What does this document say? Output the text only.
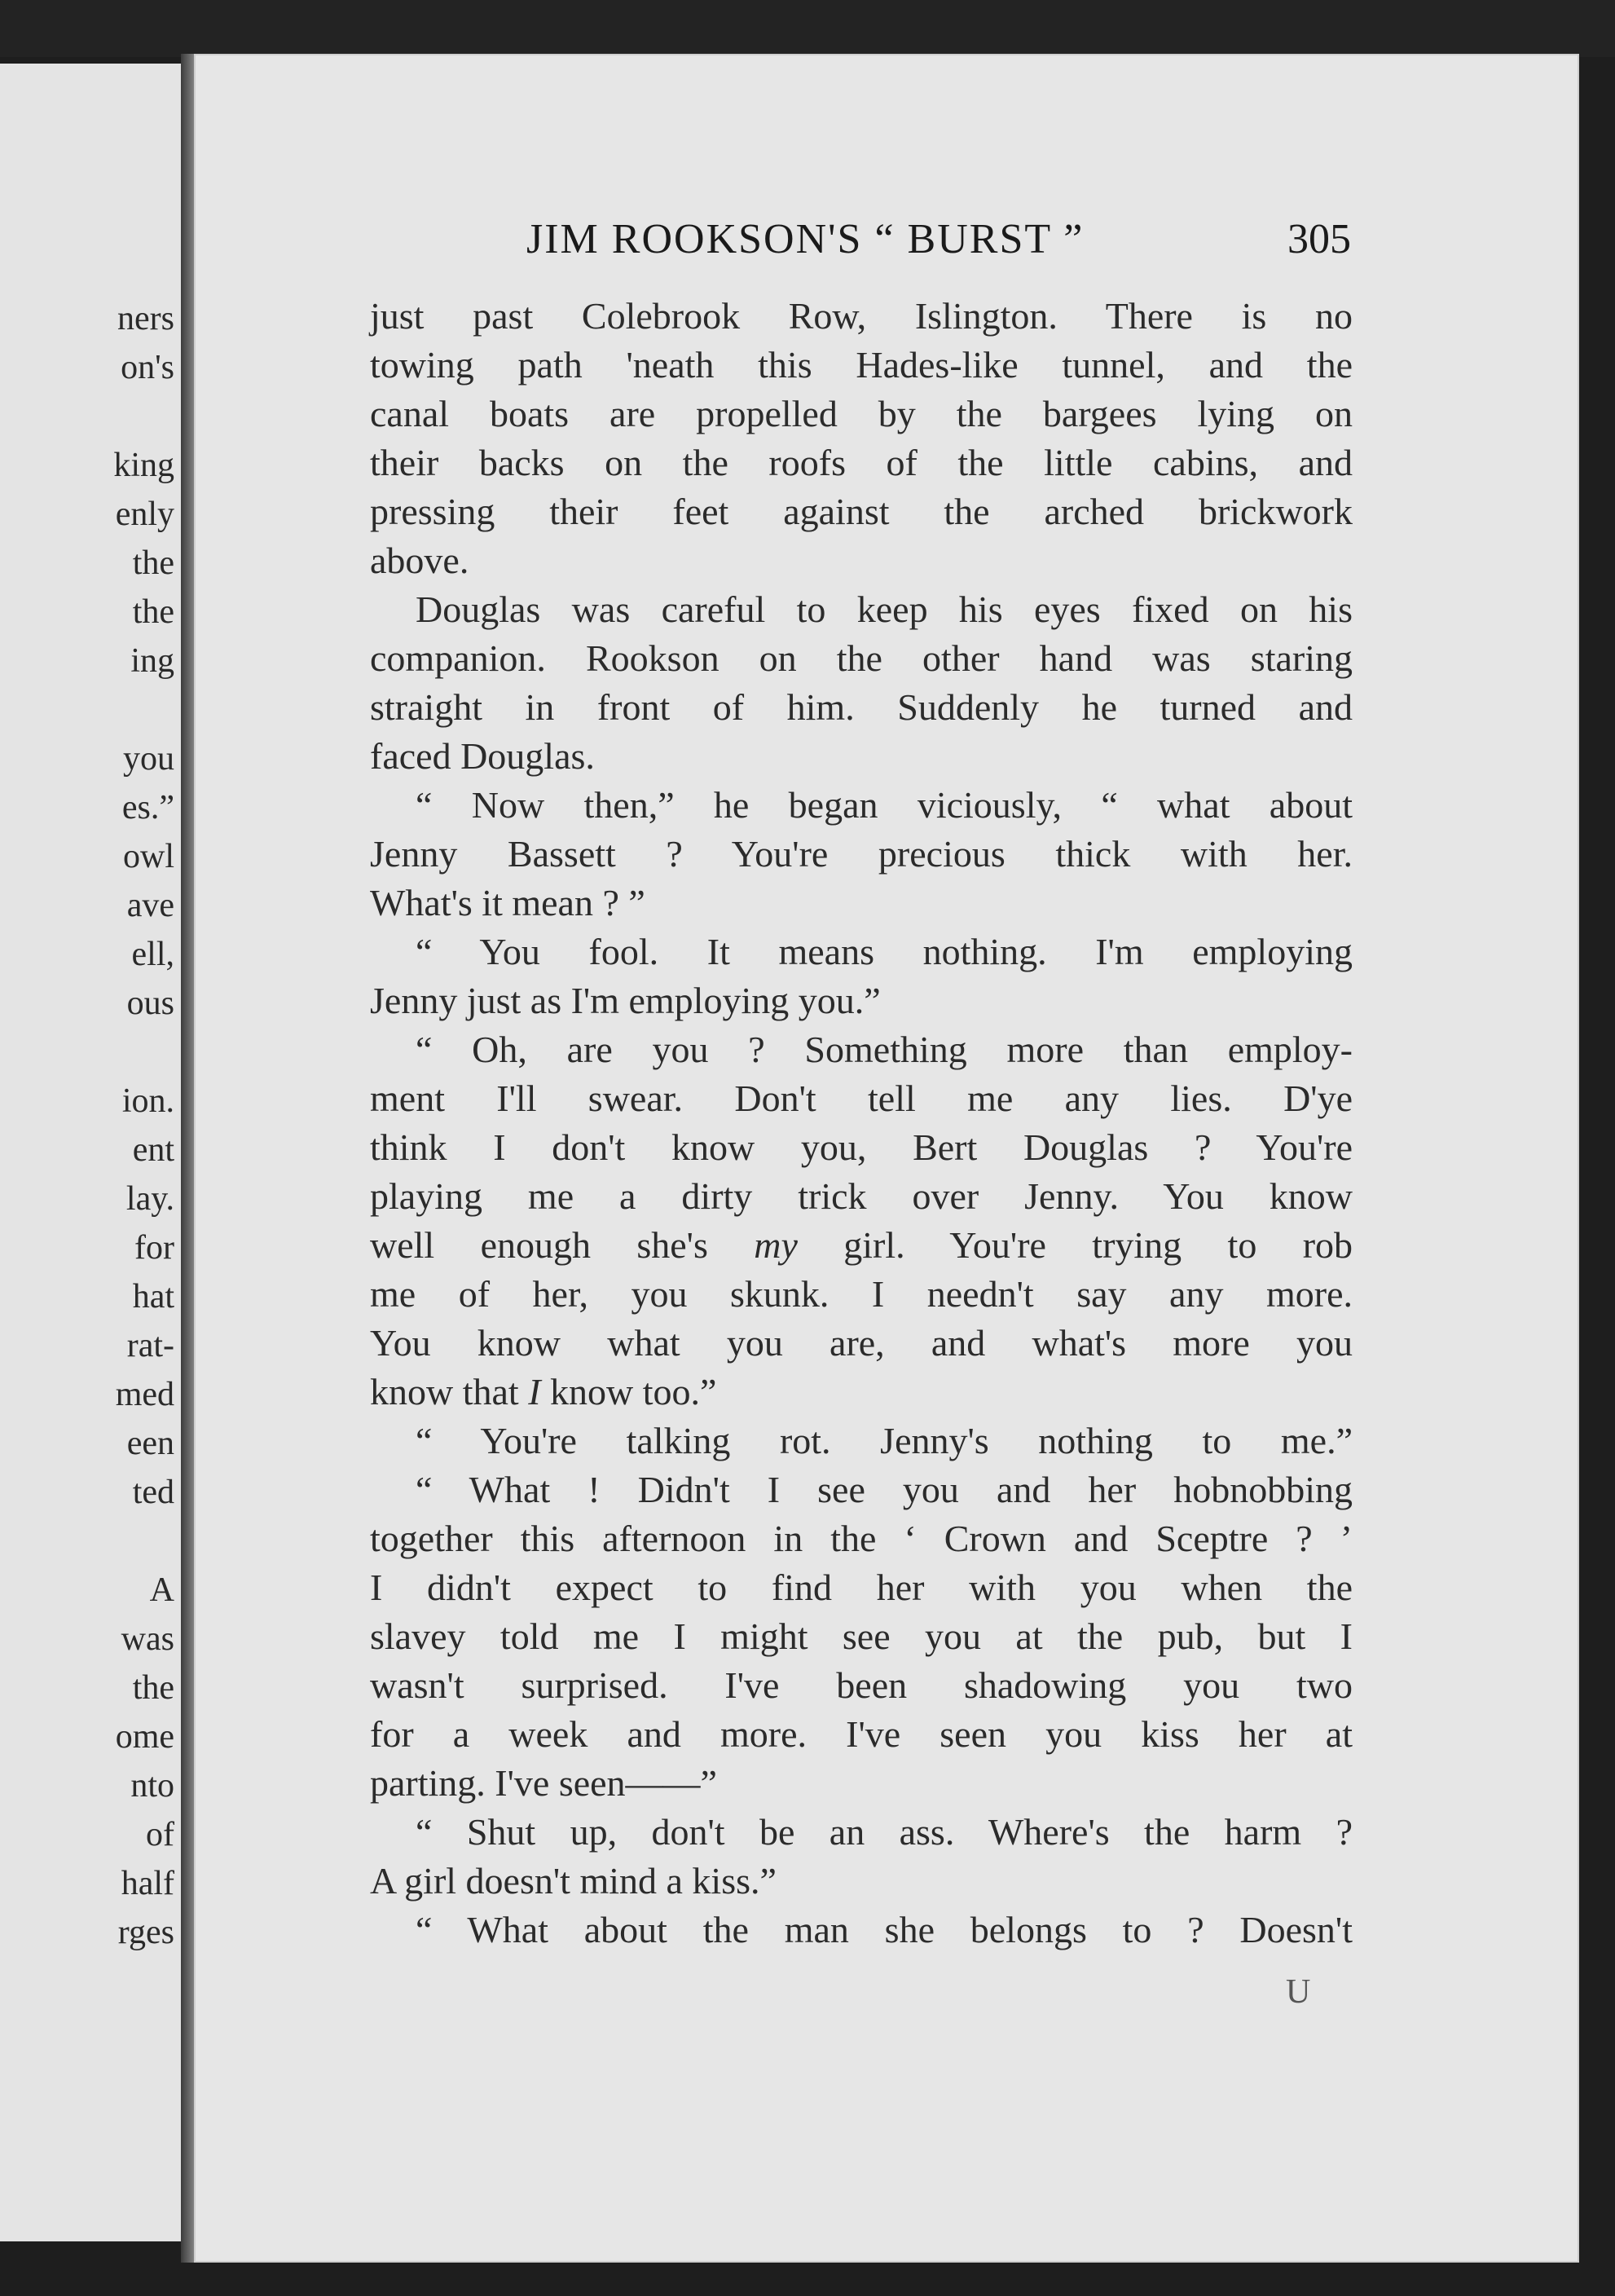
ners
on's
king
enly
the
the
ing
you
es.”
owl
ave
ell,
ous
ion.
ent
lay.
for
hat
rat-
med
een
ted
A
was
the
ome
nto
of
half
rges
JIM ROOKSON'S “ BURST ”	305
just past Colebrook Row, Islington. There is no
towing path 'neath this Hades-like tunnel, and the
canal boats are propelled by the bargees lying on
their backs on the roofs of the little cabins, and
pressing their feet against the arched brickwork
above.
Douglas was careful to keep his eyes fixed on his
companion. Rookson on the other hand was staring
straight in front of him. Suddenly he turned and
faced Douglas.
“ Now then,” he began viciously, “ what about
Jenny Bassett ? You're precious thick with her.
What's it mean ? ”
“ You fool. It means nothing. I'm employing
Jenny just as I'm employing you.”
“ Oh, are you ? Something more than employ-
ment I'll swear. Don't tell me any lies. D'ye
think I don't know you, Bert Douglas ? You're
playing me a dirty trick over Jenny. You know
well enough she's my girl. You're trying to rob
me of her, you skunk. I needn't say any more.
You know what you are, and what's more you
know that I know too.”
“ You're talking rot. Jenny's nothing to me.”
“ What ! Didn't I see you and her hobnobbing
together this afternoon in the ‘ Crown and Sceptre ? ’
I didn't expect to find her with you when the
slavey told me I might see you at the pub, but I
wasn't surprised. I've been shadowing you two
for a week and more. I've seen you kiss her at
parting. I've seen——”
“ Shut up, don't be an ass. Where's the harm ?
A girl doesn't mind a kiss.”
“ What about the man she belongs to ? Doesn't
U
